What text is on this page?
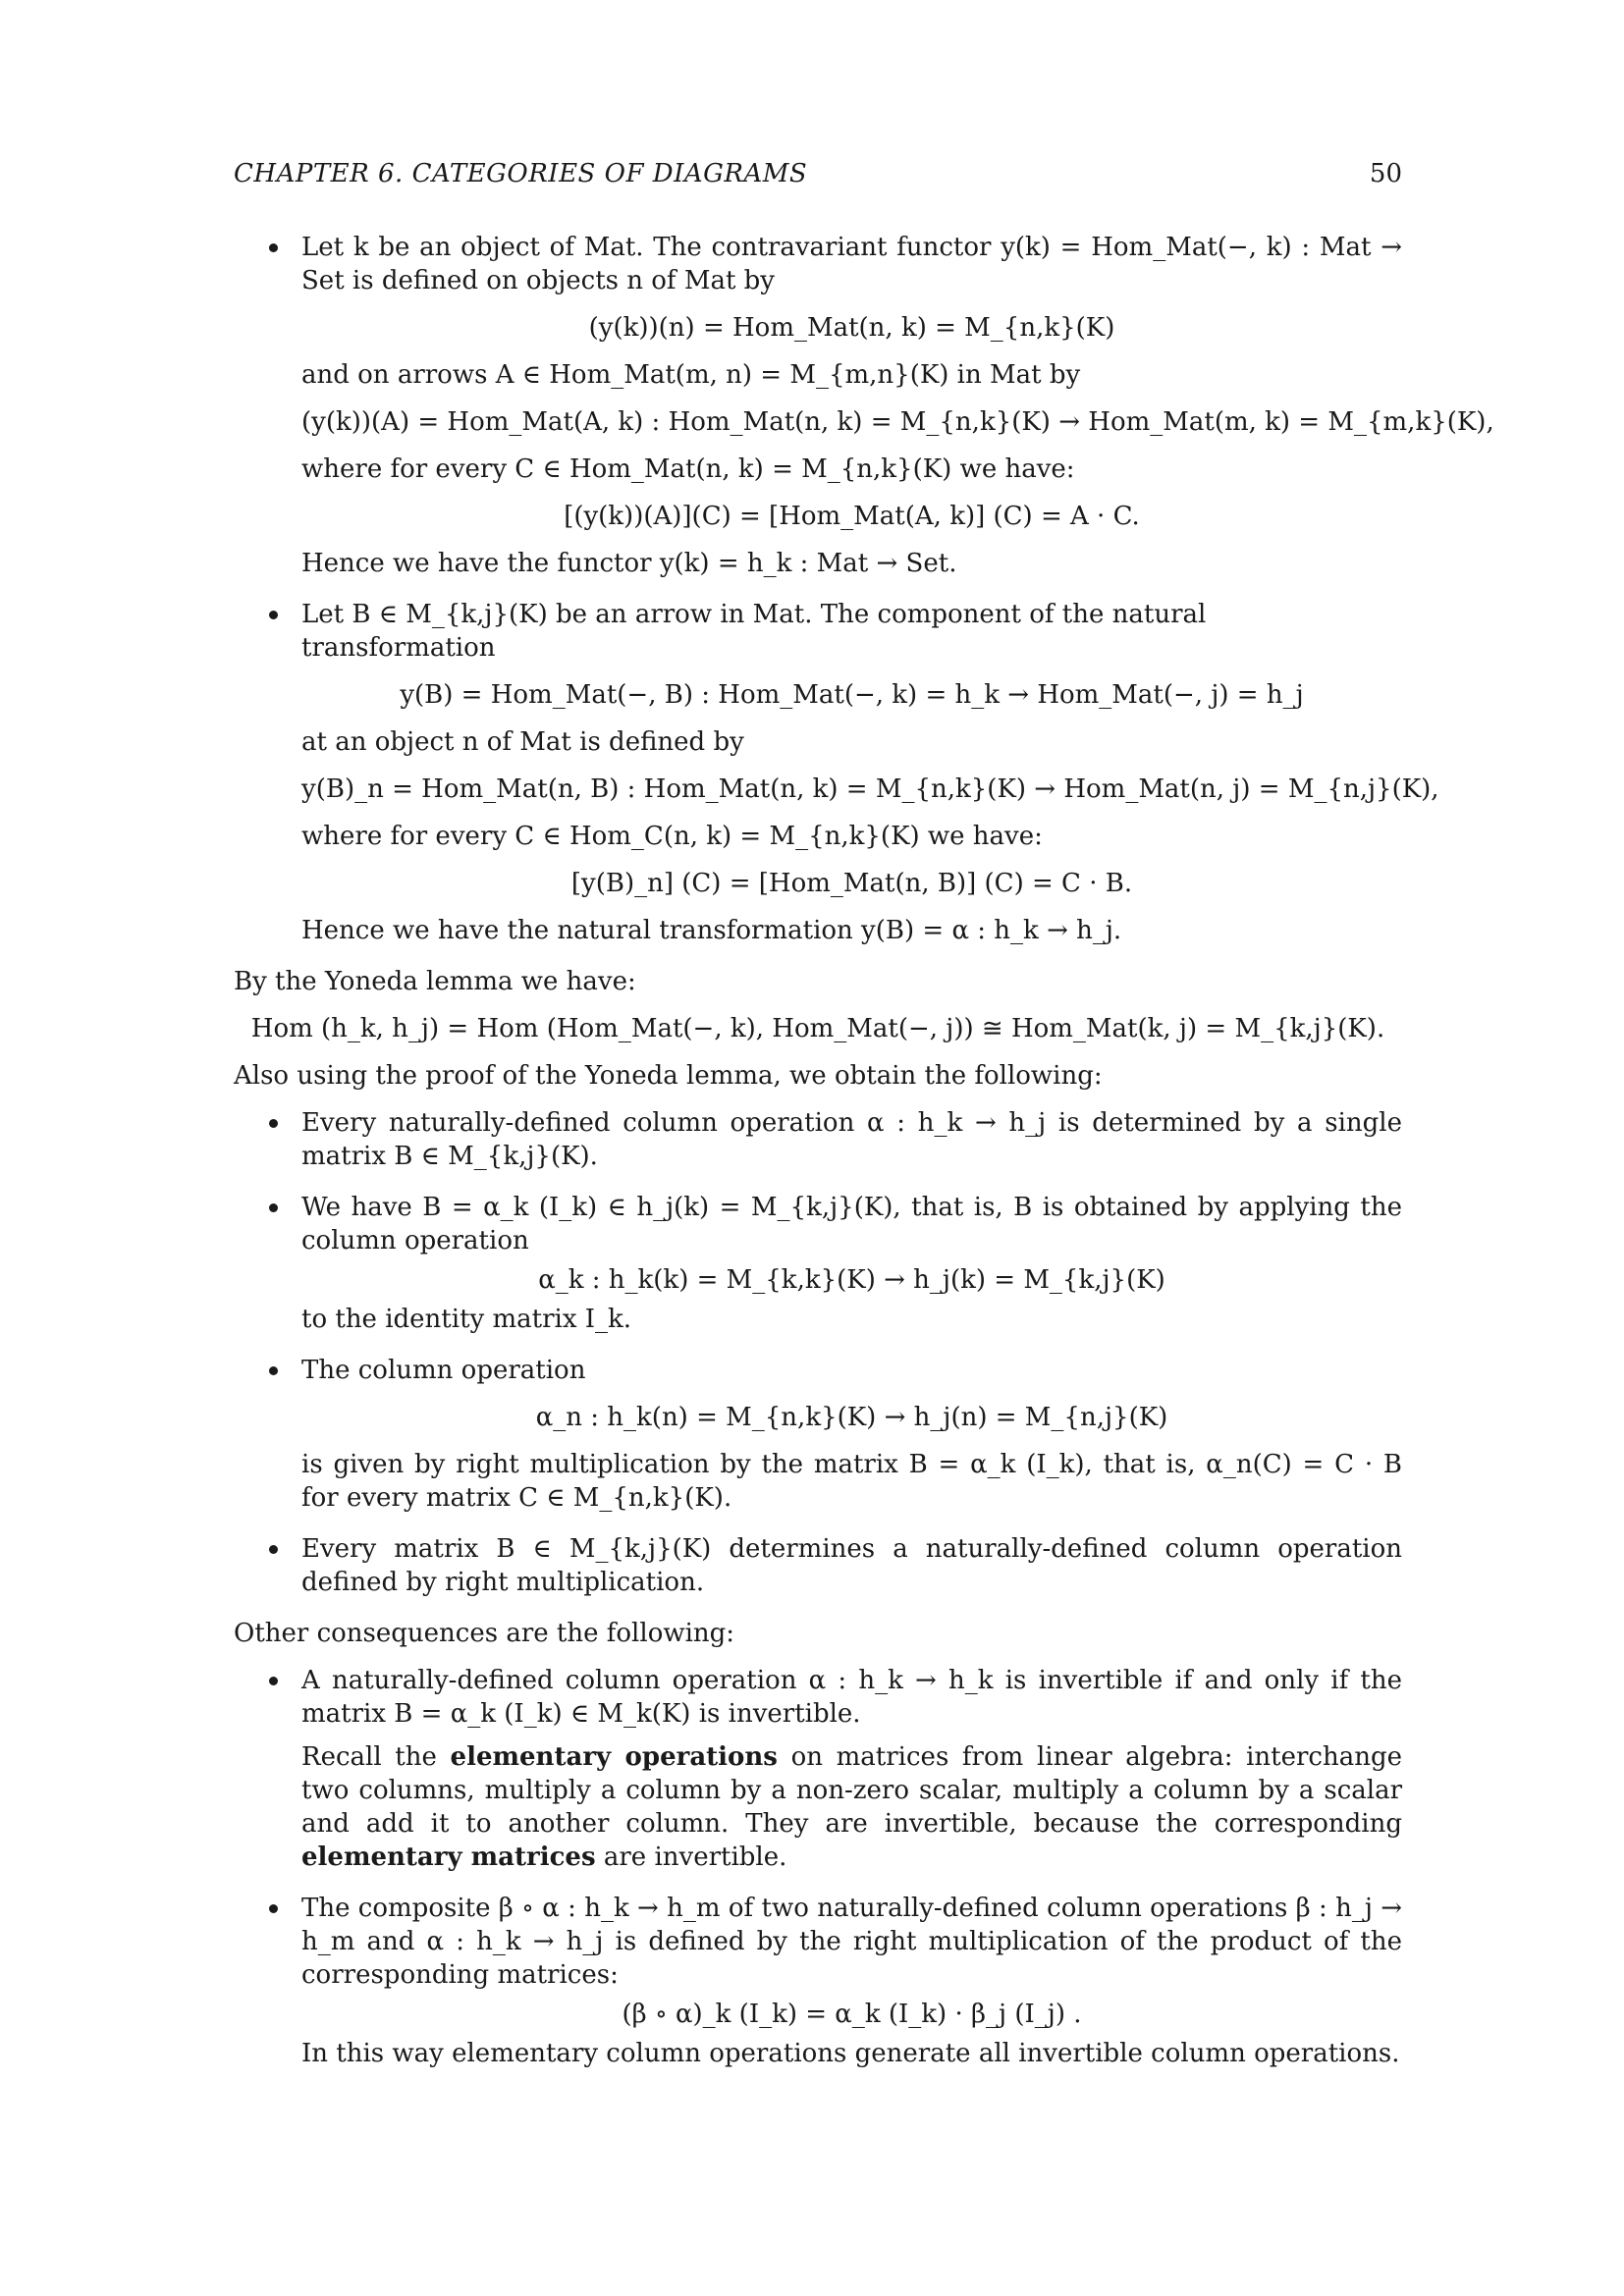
CHAPTER 6. CATEGORIES OF DIAGRAMS	50

Let k be an object of Mat. The contravariant functor y(k) = Hom_Mat(−, k) : Mat → Set is defined on objects n of Mat by

(y(k))(n) = Hom_Mat(n, k) = M_{n,k}(K)

and on arrows A ∈ Hom_Mat(m, n) = M_{m,n}(K) in Mat by

(y(k))(A) = Hom_Mat(A, k) : Hom_Mat(n, k) = M_{n,k}(K) → Hom_Mat(m, k) = M_{m,k}(K),

where for every C ∈ Hom_Mat(n, k) = M_{n,k}(K) we have:

[(y(k))(A)](C) = [Hom_Mat(A, k)] (C) = A · C.

Hence we have the functor y(k) = h_k : Mat → Set.

Let B ∈ M_{k,j}(K) be an arrow in Mat. The component of the natural transformation

y(B) = Hom_Mat(−, B) : Hom_Mat(−, k) = h_k → Hom_Mat(−, j) = h_j

at an object n of Mat is defined by

y(B)_n = Hom_Mat(n, B) : Hom_Mat(n, k) = M_{n,k}(K) → Hom_Mat(n, j) = M_{n,j}(K),

where for every C ∈ Hom_C(n, k) = M_{n,k}(K) we have:

[y(B)_n] (C) = [Hom_Mat(n, B)] (C) = C · B.

Hence we have the natural transformation y(B) = α : h_k → h_j.

By the Yoneda lemma we have:

Hom (h_k, h_j) = Hom (Hom_Mat(−, k), Hom_Mat(−, j)) ≅ Hom_Mat(k, j) = M_{k,j}(K).

Also using the proof of the Yoneda lemma, we obtain the following:

Every naturally-defined column operation α : h_k → h_j is determined by a single matrix B ∈ M_{k,j}(K).

We have B = α_k (I_k) ∈ h_j(k) = M_{k,j}(K), that is, B is obtained by applying the column operation

α_k : h_k(k) = M_{k,k}(K) → h_j(k) = M_{k,j}(K)

to the identity matrix I_k.

The column operation

α_n : h_k(n) = M_{n,k}(K) → h_j(n) = M_{n,j}(K)

is given by right multiplication by the matrix B = α_k (I_k), that is, α_n(C) = C · B for every matrix C ∈ M_{n,k}(K).

Every matrix B ∈ M_{k,j}(K) determines a naturally-defined column operation defined by right multiplication.

Other consequences are the following:

A naturally-defined column operation α : h_k → h_k is invertible if and only if the matrix B = α_k (I_k) ∈ M_k(K) is invertible.

Recall the elementary operations on matrices from linear algebra: interchange two columns, multiply a column by a non-zero scalar, multiply a column by a scalar and add it to another column. They are invertible, because the corresponding elementary matrices are invertible.

The composite β ∘ α : h_k → h_m of two naturally-defined column operations β : h_j → h_m and α : h_k → h_j is defined by the right multiplication of the product of the corresponding matrices:

(β ∘ α)_k (I_k) = α_k (I_k) · β_j (I_j) .

In this way elementary column operations generate all invertible column operations.
